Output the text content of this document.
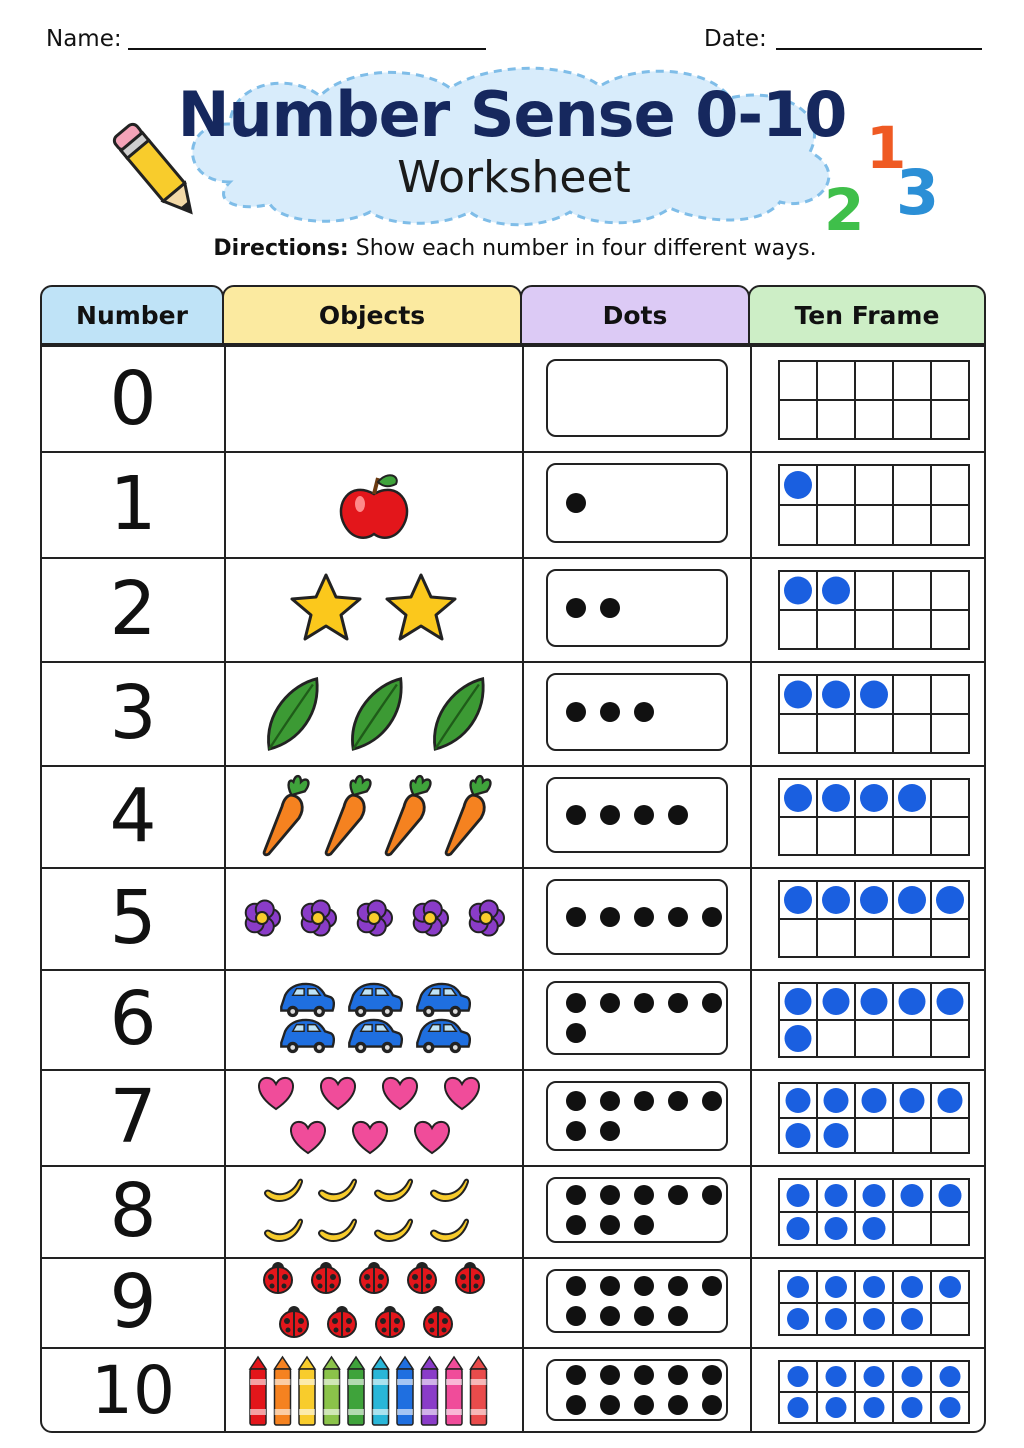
Name:	Date:
Number Sense 0-10
Worksheet	1
2 3
Directions: Show each number in four different ways.
Number	Objects	Dots	Ten Frame
0
1
2
3
4
5
6
7
8
9
10
